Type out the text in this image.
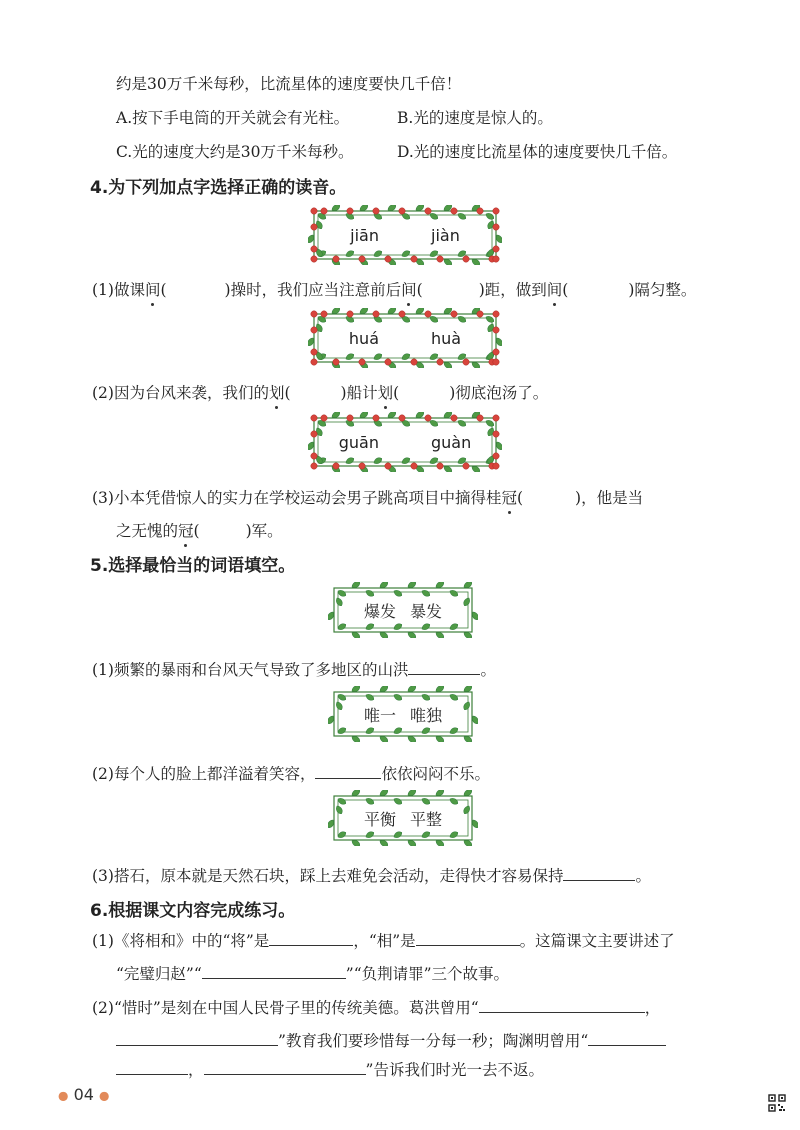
约是30万千米每秒，比流星体的速度要快几千倍！
A.按下手电筒的开关就会有光柱。	B.光的速度是惊人的。
C.光的速度大约是30万千米每秒。	D.光的速度比流星体的速度要快几千倍。
4.为下列加点字选择正确的读音。
jiān	jiàn
(1)做课间(	)操时，我们应当注意前后间(	)距，做到间(	)隔匀整。
huá	huà
(2)因为台风来袭，我们的划(	)船计划(	)彻底泡汤了。
guān	guàn
(3)小本凭借惊人的实力在学校运动会男子跳高项目中摘得桂冠(	)，他是当
之无愧的冠(	)军。
5.选择最恰当的词语填空。
爆发 暴发
(1)频繁的暴雨和台风天气导致了多地区的山洪	。
唯一 唯独
(2)每个人的脸上都洋溢着笑容，	依依闷闷不乐。
平衡 平整
(3)搭石，原本就是天然石块，踩上去难免会活动，走得快才容易保持	。
6.根据课文内容完成练习。
(1)《将相和》中的“将”是	，“相”是	。这篇课文主要讲述了
“完璧归赵”“	”“负荆请罪”三个故事。
(2)“惜时”是刻在中国人民骨子里的传统美德。葛洪曾用“	，
”教育我们要珍惜每一分每一秒；陶渊明曾用“
，	”告诉我们时光一去不返。
● 04 ●
